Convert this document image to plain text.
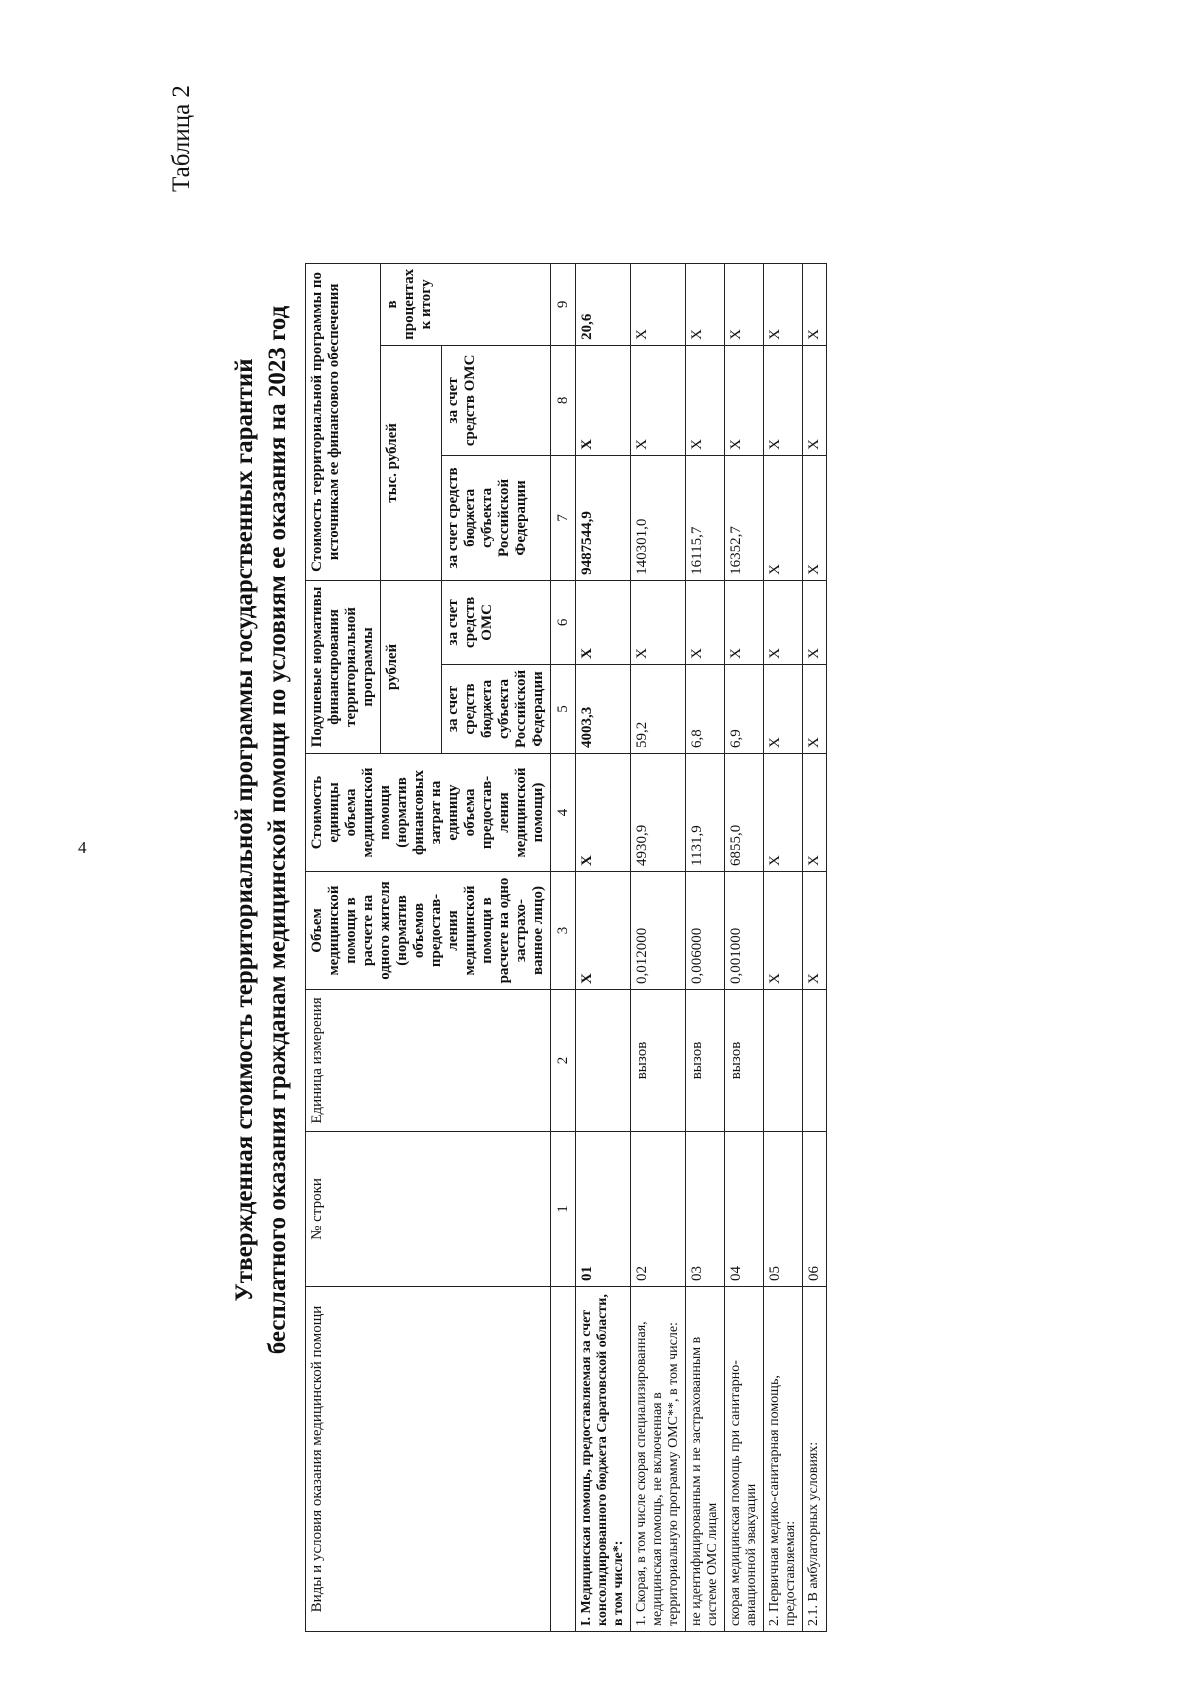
4
Таблица 2
Утвержденная стоимость территориальной программы государственных гарантий бесплатного оказания гражданам медицинской помощи по условиям ее оказания на 2023 год
Виды и условия оказания медицинской помощи	№ строки	Единица измерения	Объем медицинской помощи в расчете на одного жителя (норматив объемов предостав-ления медицинской помощи в расчете на одно застрахо-ванное лицо)	Стоимость единицы объема медицинской помощи (норматив финансовых затрат на единицу объема предостав-ления медицинской помощи)	Подушевые нормативы финансирования территориальной программы		Стоимость территориальной программы по источникам ее финансового обеспечения		
					рублей		тыс. рублей		в процентах к итогу
					за счет средств бюджета субъекта Российской Федерации	за счет средств ОМС	за счет средств бюджета субъекта Российской Федерации	за счет средств ОМС	
	1	2	3	4	5	6	7	8	9
I. Медицинская помощь, предоставляемая за счет консолидированного бюджета Саратовской области, в том числе*:	01		Х	Х	4003,3	Х	9487544,9	Х	20,6
1. Скорая, в том числе скорая специализированная, медицинская помощь, не включенная в территориальную программу ОМС**, в том числе:	02	вызов	0,012000	4930,9	59,2	Х	140301,0	Х	Х
не идентифицированным и не застрахованным в системе ОМС лицам	03	вызов	0,006000	1131,9	6,8	Х	16115,7	Х	Х
скорая медицинская помощь при санитарно-авиационной эвакуации	04	вызов	0,001000	6855,0	6,9	Х	16352,7	Х	Х
2. Первичная медико-санитарная помощь, предоставляемая:	05		Х	Х	Х	Х	Х	Х	Х
2.1. В амбулаторных условиях:	06		Х	Х	Х	Х	Х	Х	Х
